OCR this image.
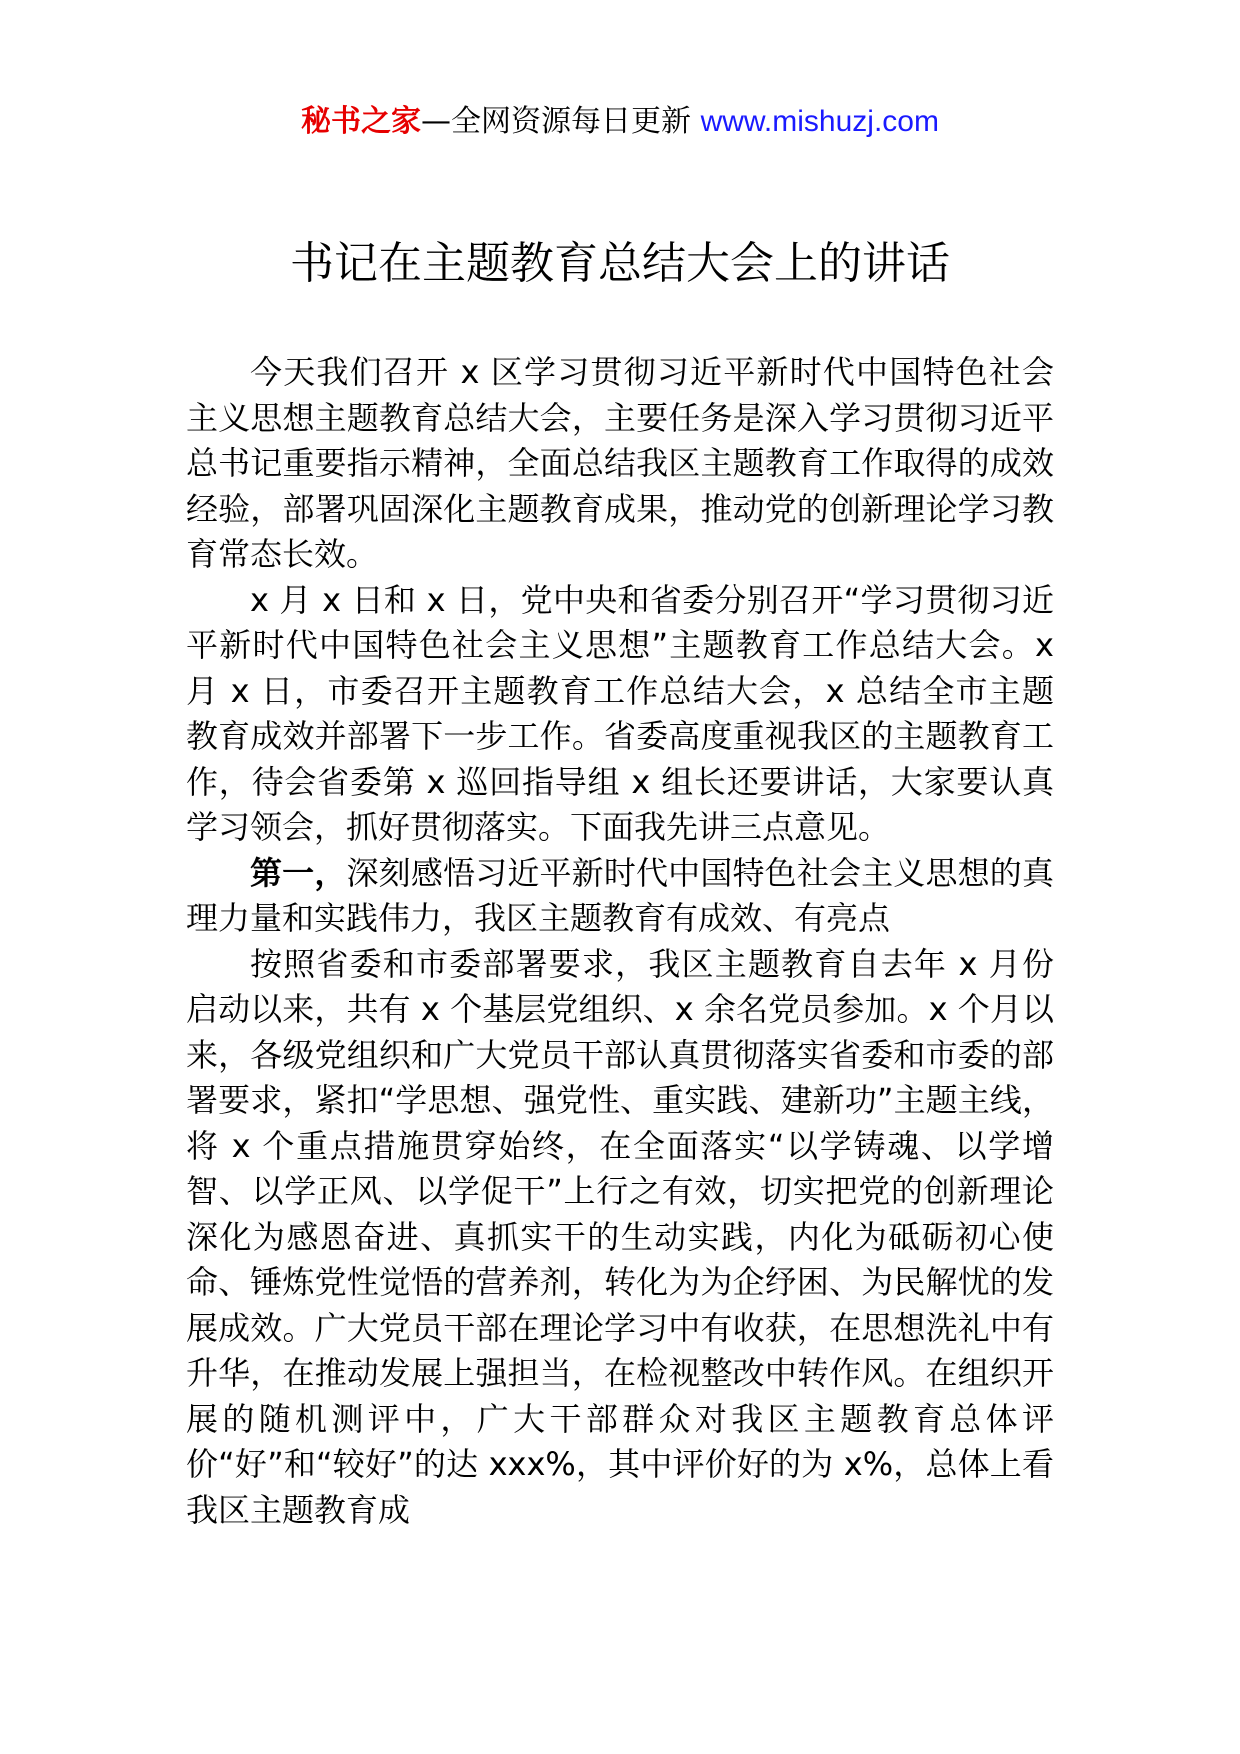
秘书之家—全网资源每日更新 www.mishuzj.com
书记在主题教育总结大会上的讲话

今天我们召开 x 区学习贯彻习近平新时代中国特色社会主义思想主题教育总结大会，主要任务是深入学习贯彻习近平总书记重要指示精神，全面总结我区主题教育工作取得的成效经验，部署巩固深化主题教育成果，推动党的创新理论学习教育常态长效。

x 月 x 日和 x 日，党中央和省委分别召开“学习贯彻习近平新时代中国特色社会主义思想”主题教育工作总结大会。x 月 x 日，市委召开主题教育工作总结大会，x 总结全市主题教育成效并部署下一步工作。省委高度重视我区的主题教育工作，待会省委第 x 巡回指导组 x 组长还要讲话，大家要认真学习领会，抓好贯彻落实。下面我先讲三点意见。

第一，深刻感悟习近平新时代中国特色社会主义思想的真理力量和实践伟力，我区主题教育有成效、有亮点

按照省委和市委部署要求，我区主题教育自去年 x 月份启动以来，共有 x 个基层党组织、x 余名党员参加。x 个月以来，各级党组织和广大党员干部认真贯彻落实省委和市委的部署要求，紧扣“学思想、强党性、重实践、建新功”主题主线，将 x 个重点措施贯穿始终，在全面落实“以学铸魂、以学增智、以学正风、以学促干”上行之有效，切实把党的创新理论深化为感恩奋进、真抓实干的生动实践，内化为砥砺初心使命、锤炼党性觉悟的营养剂，转化为为企纾困、为民解忧的发展成效。广大党员干部在理论学习中有收获，在思想洗礼中有升华，在推动发展上强担当，在检视整改中转作风。在组织开展的随机测评中，广大干部群众对我区主题教育总体评价“好”和“较好”的达 xxx%，其中评价好的为 x%，总体上看我区主题教育成
